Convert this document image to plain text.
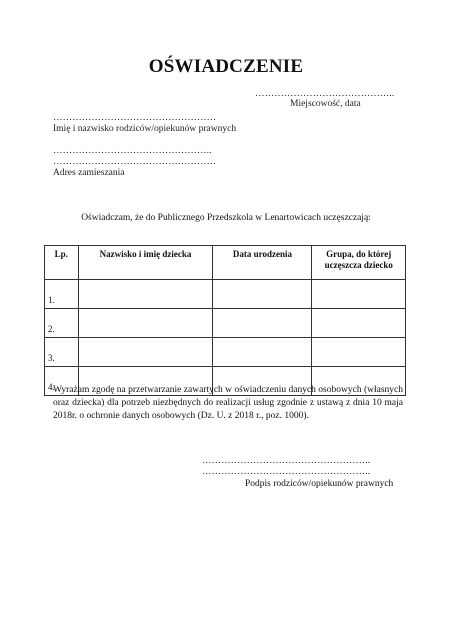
OŚWIADCZENIE
……………………………………..
Miejscowość, data
……………………………………………
Imię i nazwisko rodziców/opiekunów prawnych
…………………………………………..
……………………………………………
Adres zamieszania
Oświadczam, że do Publicznego Przedszkola w Lenartowicach uczęszczają:
Lp.	Nazwisko i imię dziecka	Data urodzenia	Grupa, do której uczęszcza dziecko
1.			
2.			
3.			
4.			
Wyrażam zgodę na przetwarzanie zawartych w oświadczeniu danych osobowych (własnych oraz dziecka) dla potrzeb niezbędnych do realizacji usług zgodnie z ustawą z dnia 10 maja 2018r. o ochronie danych osobowych (Dz. U. z 2018 r., poz. 1000).
……………………………………………..
……………………………………………..
Podpis rodziców/opiekunów prawnych
